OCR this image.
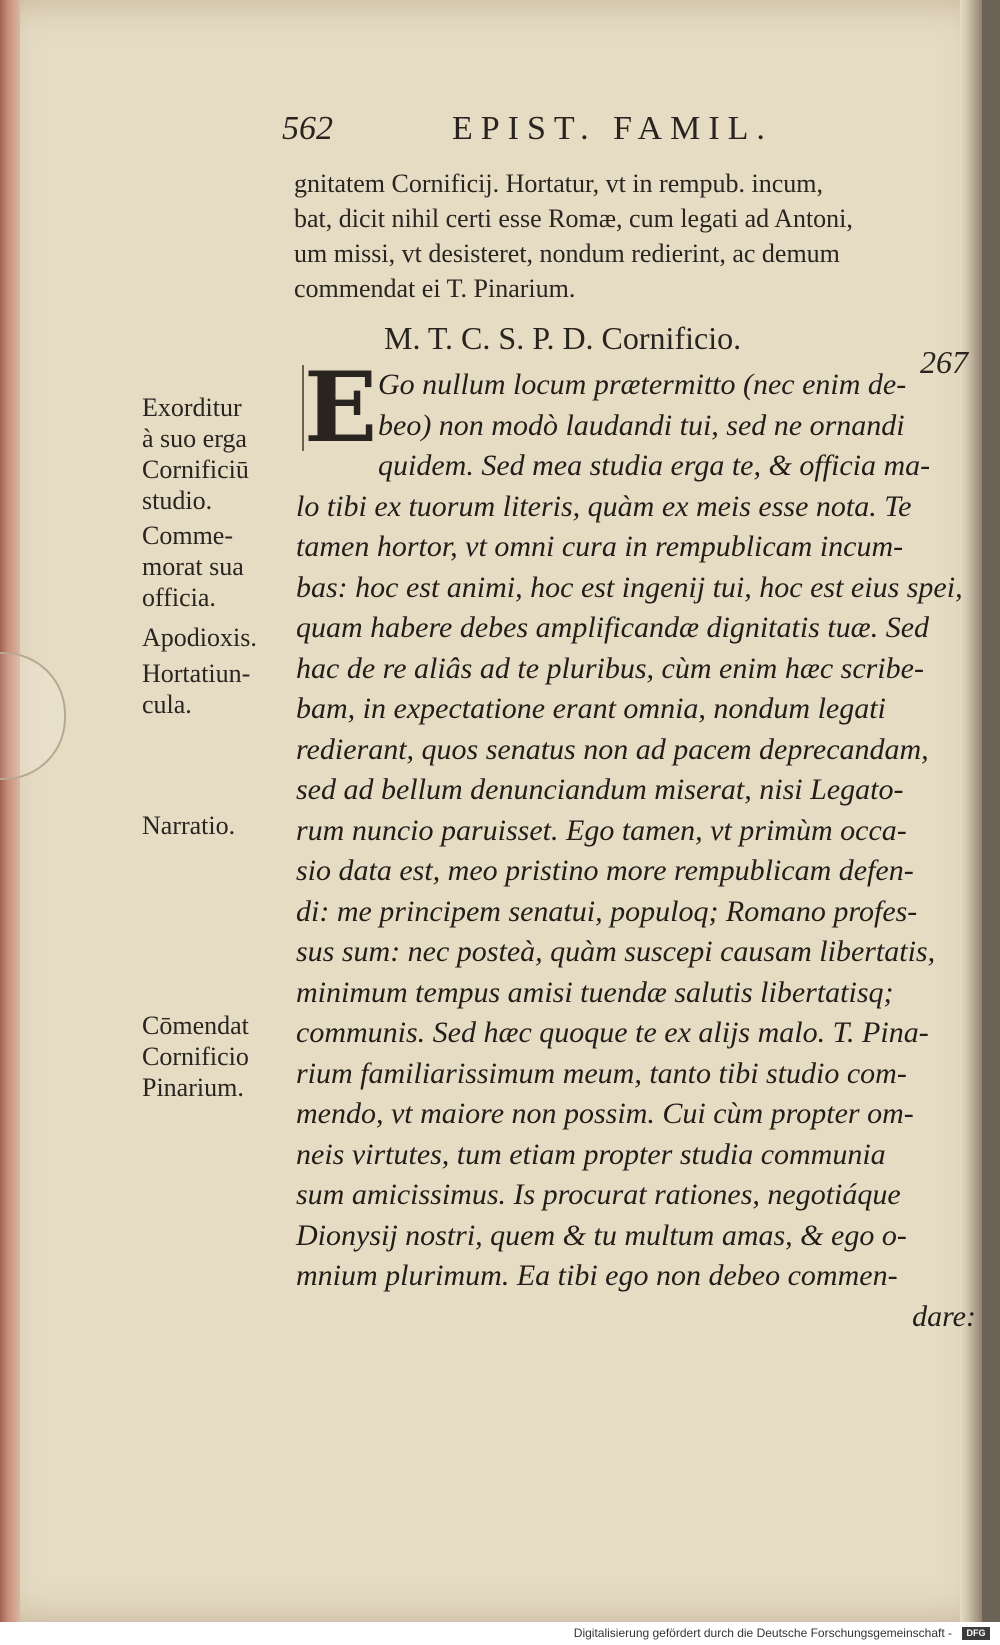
562	EPIST. FAMIL.
gnitatem Cornificij. Hortatur, vt in rempub. incum,
bat, dicit nihil certi esse Romæ, cum legati ad Antoni,
um missi, vt desisteret, nondum redierint, ac demum
commendat ei T. Pinarium.
M. T. C. S. P. D. Cornificio.
267
E Go nullum locum prætermitto (nec enim de-
beo) non modò laudandi tui, sed ne ornandi
quidem. Sed mea studia erga te, & officia ma-
lo tibi ex tuorum literis, quàm ex meis esse nota. Te
tamen hortor, vt omni cura in rempublicam incum-
bas: hoc est animi, hoc est ingenij tui, hoc est eius spei,
quam habere debes amplificandæ dignitatis tuæ. Sed
hac de re aliâs ad te pluribus, cùm enim hæc scribe-
bam, in expectatione erant omnia, nondum legati
redierant, quos senatus non ad pacem deprecandam,
sed ad bellum denunciandum miserat, nisi Legato-
rum nuncio paruisset. Ego tamen, vt primùm occa-
sio data est, meo pristino more rempublicam defen-
di: me principem senatui, populoq; Romano profes-
sus sum: nec posteà, quàm suscepi causam libertatis,
minimum tempus amisi tuendæ salutis libertatisq;
communis. Sed hæc quoque te ex alijs malo. T. Pina-
rium familiarissimum meum, tanto tibi studio com-
mendo, vt maiore non possim. Cui cùm propter om-
neis virtutes, tum etiam propter studia communia
sum amicissimus. Is procurat rationes, negotiáque
Dionysij nostri, quem & tu multum amas, & ego o-
mnium plurimum. Ea tibi ego non debeo commen-
dare:
Exorditur
à suo erga
Cornificiū
studio.
Comme-
morat sua
officia.
Apodioxis.
Hortatiun-
cula.
Narratio.
Cōmendat
Cornificio
Pinarium.
Digitalisierung gefördert durch die Deutsche Forschungsgemeinschaft -	DFG
